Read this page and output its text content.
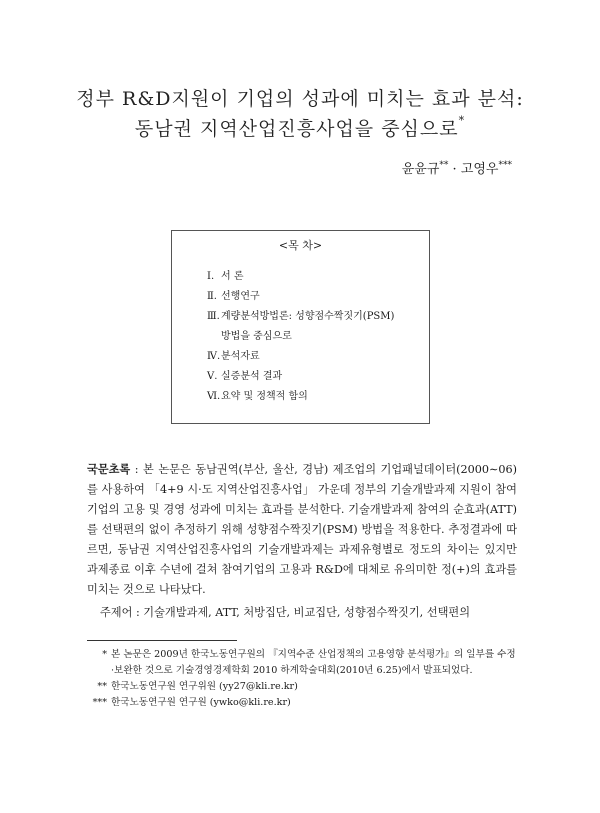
정부 R&D지원이 기업의 성과에 미치는 효과 분석:
동남권 지역산업진흥사업을 중심으로*
윤윤규** · 고영우***
<목 차>
Ⅰ. 서 론
Ⅱ. 선행연구
Ⅲ.계량분석방법론: 성향점수짝짓기(PSM)
방법을 중심으로
Ⅳ.분석자료
Ⅴ. 실증분석 결과
Ⅵ.요약 및 정책적 함의
국문초록 : 본 논문은 동남권역(부산, 울산, 경남) 제조업의 기업패널데이터(2000∼06)를 사용하여 「4+9 시·도 지역산업진흥사업」 가운데 정부의 기술개발과제 지원이 참여기업의 고용 및 경영 성과에 미치는 효과를 분석한다. 기술개발과제 참여의 순효과(ATT)를 선택편의 없이 추정하기 위해 성향점수짝짓기(PSM) 방법을 적용한다. 추정결과에 따르면, 동남권 지역산업진흥사업의 기술개발과제는 과제유형별로 정도의 차이는 있지만 과제종료 이후 수년에 걸쳐 참여기업의 고용과 R&D에 대체로 유의미한 정(+)의 효과를 미치는 것으로 나타났다.
주제어 : 기술개발과제, ATT, 처방집단, 비교집단, 성향점수짝짓기, 선택편의
* 본 논문은 2009년 한국노동연구원의 『지역수준 산업정책의 고용영향 분석평가』의 일부를 수정·보완한 것으로 기술경영경제학회 2010 하계학술대회(2010년 6.25)에서 발표되었다.
** 한국노동연구원 연구위원 (yy27@kli.re.kr)
*** 한국노동연구원 연구원 (ywko@kli.re.kr)
